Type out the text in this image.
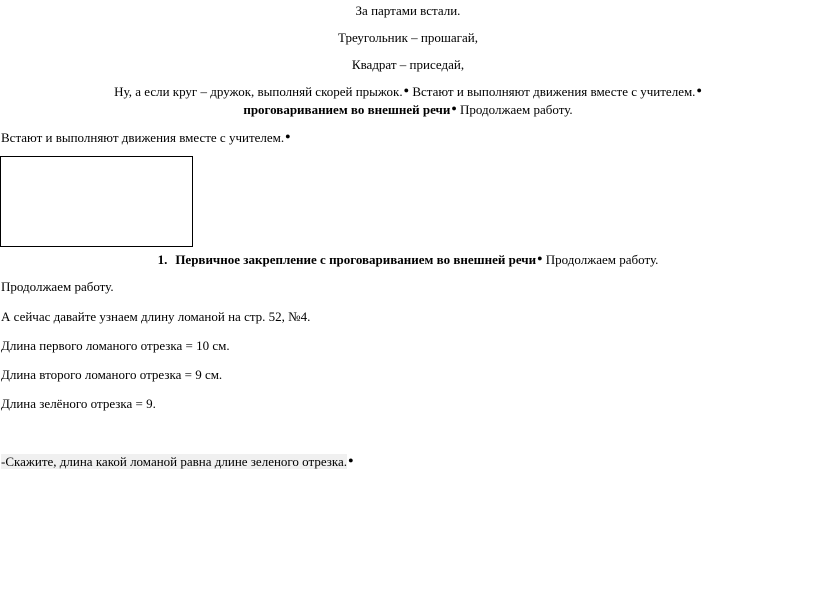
За партами встали.
Треугольник – прошагай,
Квадрат – приседай,
Ну, а если круг – дружок, выполняй скорей прыжок.● Встают и выполняют движения вместе с учителем.●
проговариванием во внешней речи● Продолжаем работу.
Встают и выполняют движения вместе с учителем.●
1. Первичное закрепление с проговариванием во внешней речи● Продолжаем работу.
Продолжаем работу.
А сейчас давайте узнаем длину ломаной на стр. 52, №4.
Длина первого ломаного отрезка = 10 см.
Длина второго ломаного отрезка = 9 см.
Длина зелёного отрезка = 9.
-Скажите, длина какой ломаной равна длине зеленого отрезка.●
